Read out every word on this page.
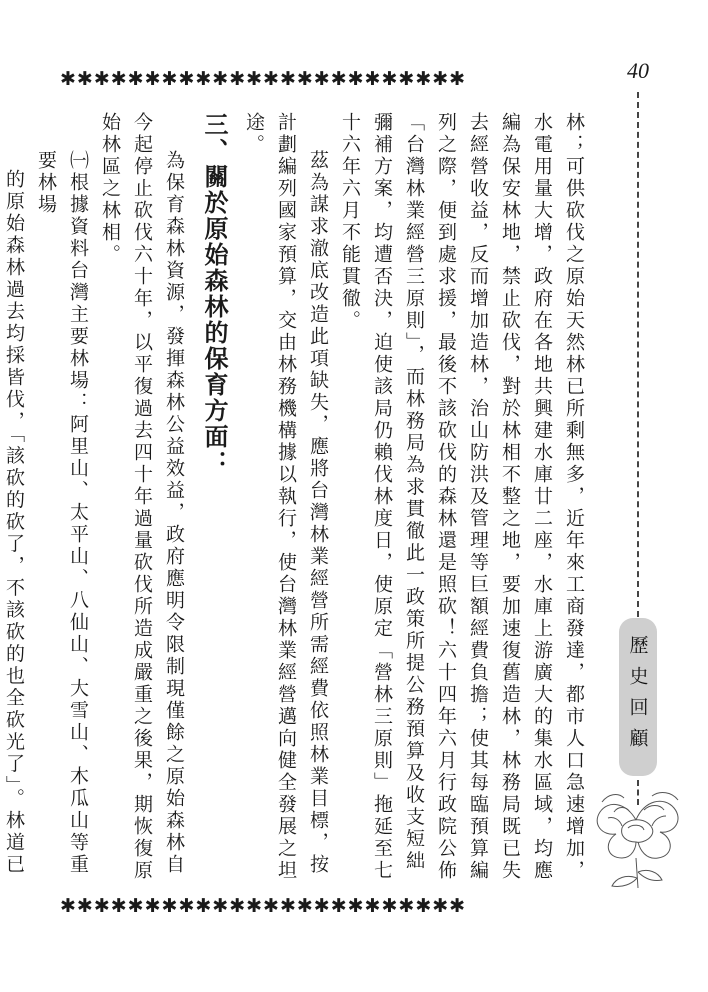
40
✱✱✱✱✱✱✱✱✱✱✱✱✱✱✱✱✱✱✱✱✱✱✱✱
✱✱✱✱✱✱✱✱✱✱✱✱✱✱✱✱✱✱✱✱✱✱✱✱
歷史回顧

林；可供砍伐之原始天然林已所剩無多，近年來工商發達，都市人口急速增加，水電用量大增，政府在各地共興建水庫廿二座，水庫上游廣大的集水區域，均應編為保安林地，禁止砍伐，對於林相不整之地，要加速復舊造林，林務局既已失去經營收益，反而增加造林，治山防洪及管理等巨額經費負擔；使其每臨預算編列之際，便到處求援，最後不該砍伐的森林還是照砍！六十四年六月行政院公佈「台灣林業經營三原則」，而林務局為求貫徹此一政策所提公務預算及收支短絀彌補方案，均遭否決，迫使該局仍賴伐林度日，使原定「營林三原則」拖延至七十六年六月不能貫徹。

茲為謀求澈底改造此項缺失，應將台灣林業經營所需經費依照林業目標，按計劃編列國家預算，交由林務機構據以執行，使台灣林業經營邁向健全發展之坦途。

三、關於原始森林的保育方面：

為保育森林資源，發揮森林公益效益，政府應明令限制現僅餘之原始森林自今起停止砍伐六十年，以平復過去四十年過量砍伐所造成嚴重之後果，期恢復原始林區之林相。

㈠根據資料台灣主要林場：阿里山、太平山、八仙山、大雪山、木瓜山等重要林場

的原始森林過去均採皆伐，「該砍的砍了，不該砍的也全砍光了」。林道已
